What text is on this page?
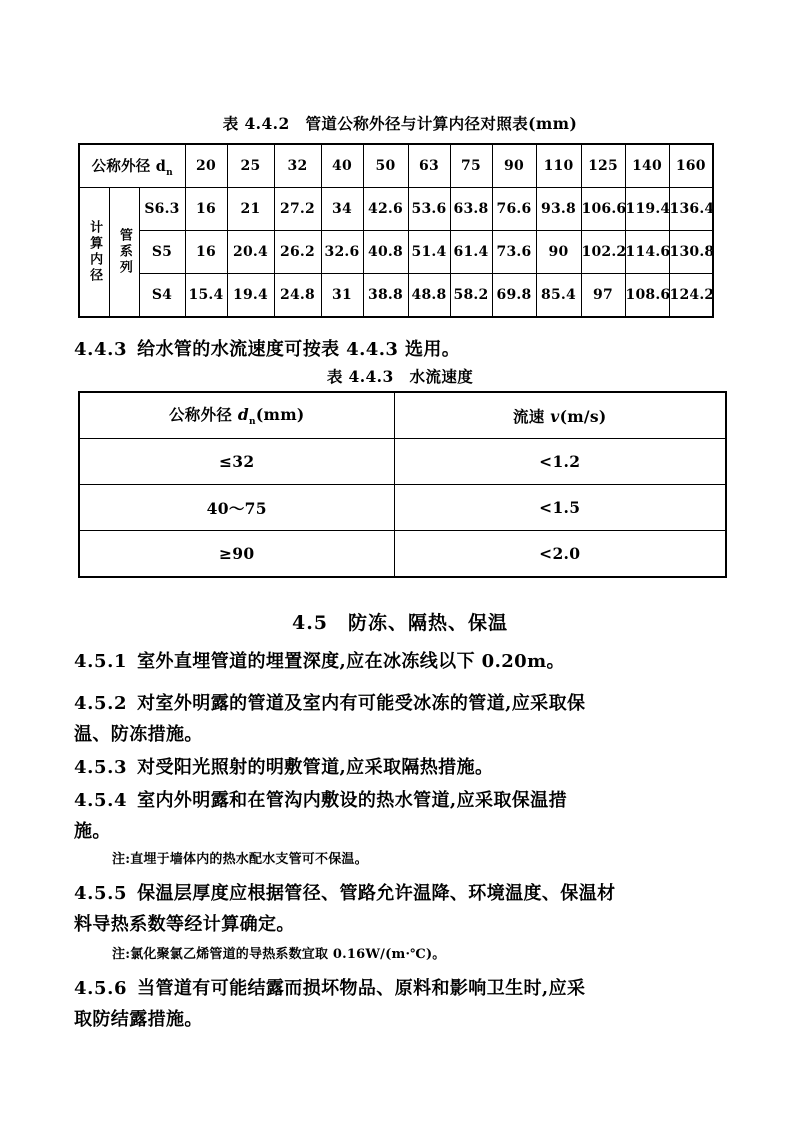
表 4.4.2　管道公称外径与计算内径对照表(mm)
公称外径 $d_n$			20	25	32	40	50	63	75	90	110	125	140	160

计算内径	管系列	S6.3	16	21	27.2	34	42.6	53.6	63.8	76.6	93.8	106.6	119.4	136.4
		S5	16	20.4	26.2	32.6	40.8	51.4	61.4	73.6	90	102.2	114.6	130.8
		S4	15.4	19.4	24.8	31	38.8	48.8	58.2	69.8	85.4	97	108.6	124.2
4.4.3 给水管的水流速度可按表 4.4.3 选用。
表 4.4.3　水流速度
公称外径 $d_n(mm)$	流速 v(m/s)
≤32	<1.2
40～75	<1.5
≥90	<2.0
4.5　防冻、隔热、保温
4.5.1 室外直埋管道的埋置深度,应在冰冻线以下 0.20m。
4.5.2 对室外明露的管道及室内有可能受冰冻的管道,应采取保
温、防冻措施。
4.5.3 对受阳光照射的明敷管道,应采取隔热措施。
4.5.4 室内外明露和在管沟内敷设的热水管道,应采取保温措
施。
注:直埋于墙体内的热水配水支管可不保温。
4.5.5 保温层厚度应根据管径、管路允许温降、环境温度、保温材
料导热系数等经计算确定。
注:氯化聚氯乙烯管道的导热系数宜取 0.16W/(m·℃)。
4.5.6 当管道有可能结露而损坏物品、原料和影响卫生时,应采
取防结露措施。
